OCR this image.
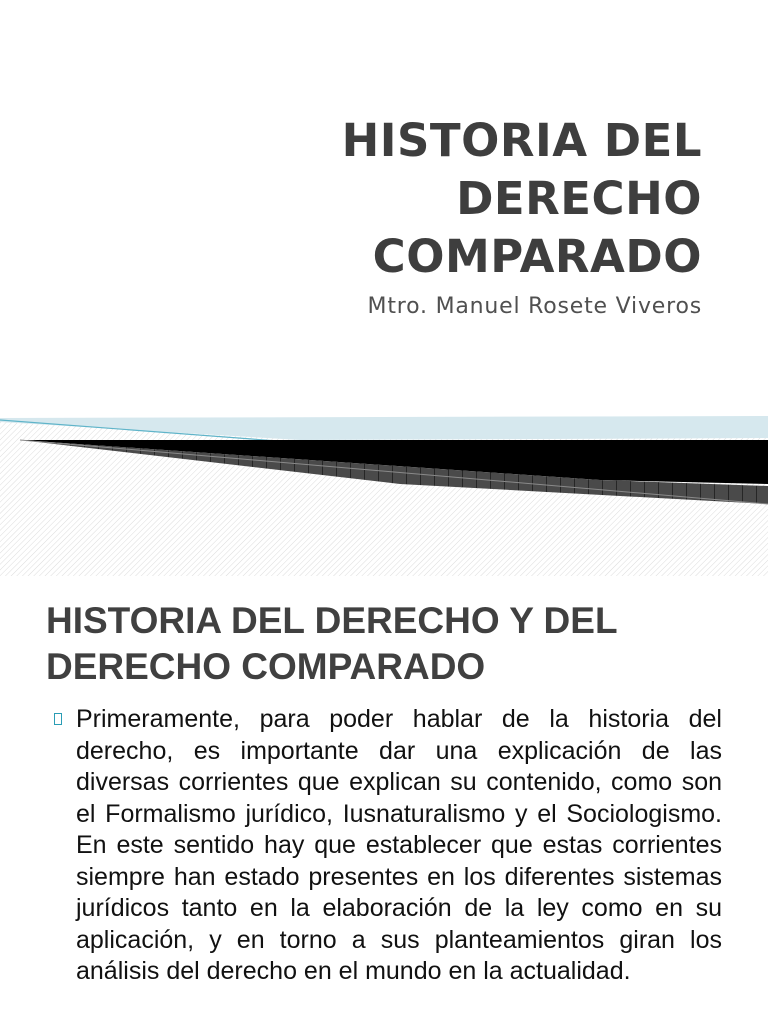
HISTORIA DEL
DERECHO
COMPARADO

Mtro. Manuel Rosete Viveros

HISTORIA DEL DERECHO Y DEL DERECHO COMPARADO

Primeramente, para poder hablar de la historia del derecho, es importante dar una explicación de las diversas corrientes que explican su contenido, como son el Formalismo jurídico, Iusnaturalismo y el Sociologismo. En este sentido hay que establecer que estas corrientes siempre han estado presentes en los diferentes sistemas jurídicos tanto en la elaboración de la ley como en su aplicación, y en torno a sus planteamientos giran los análisis del derecho en el mundo en la actualidad.
